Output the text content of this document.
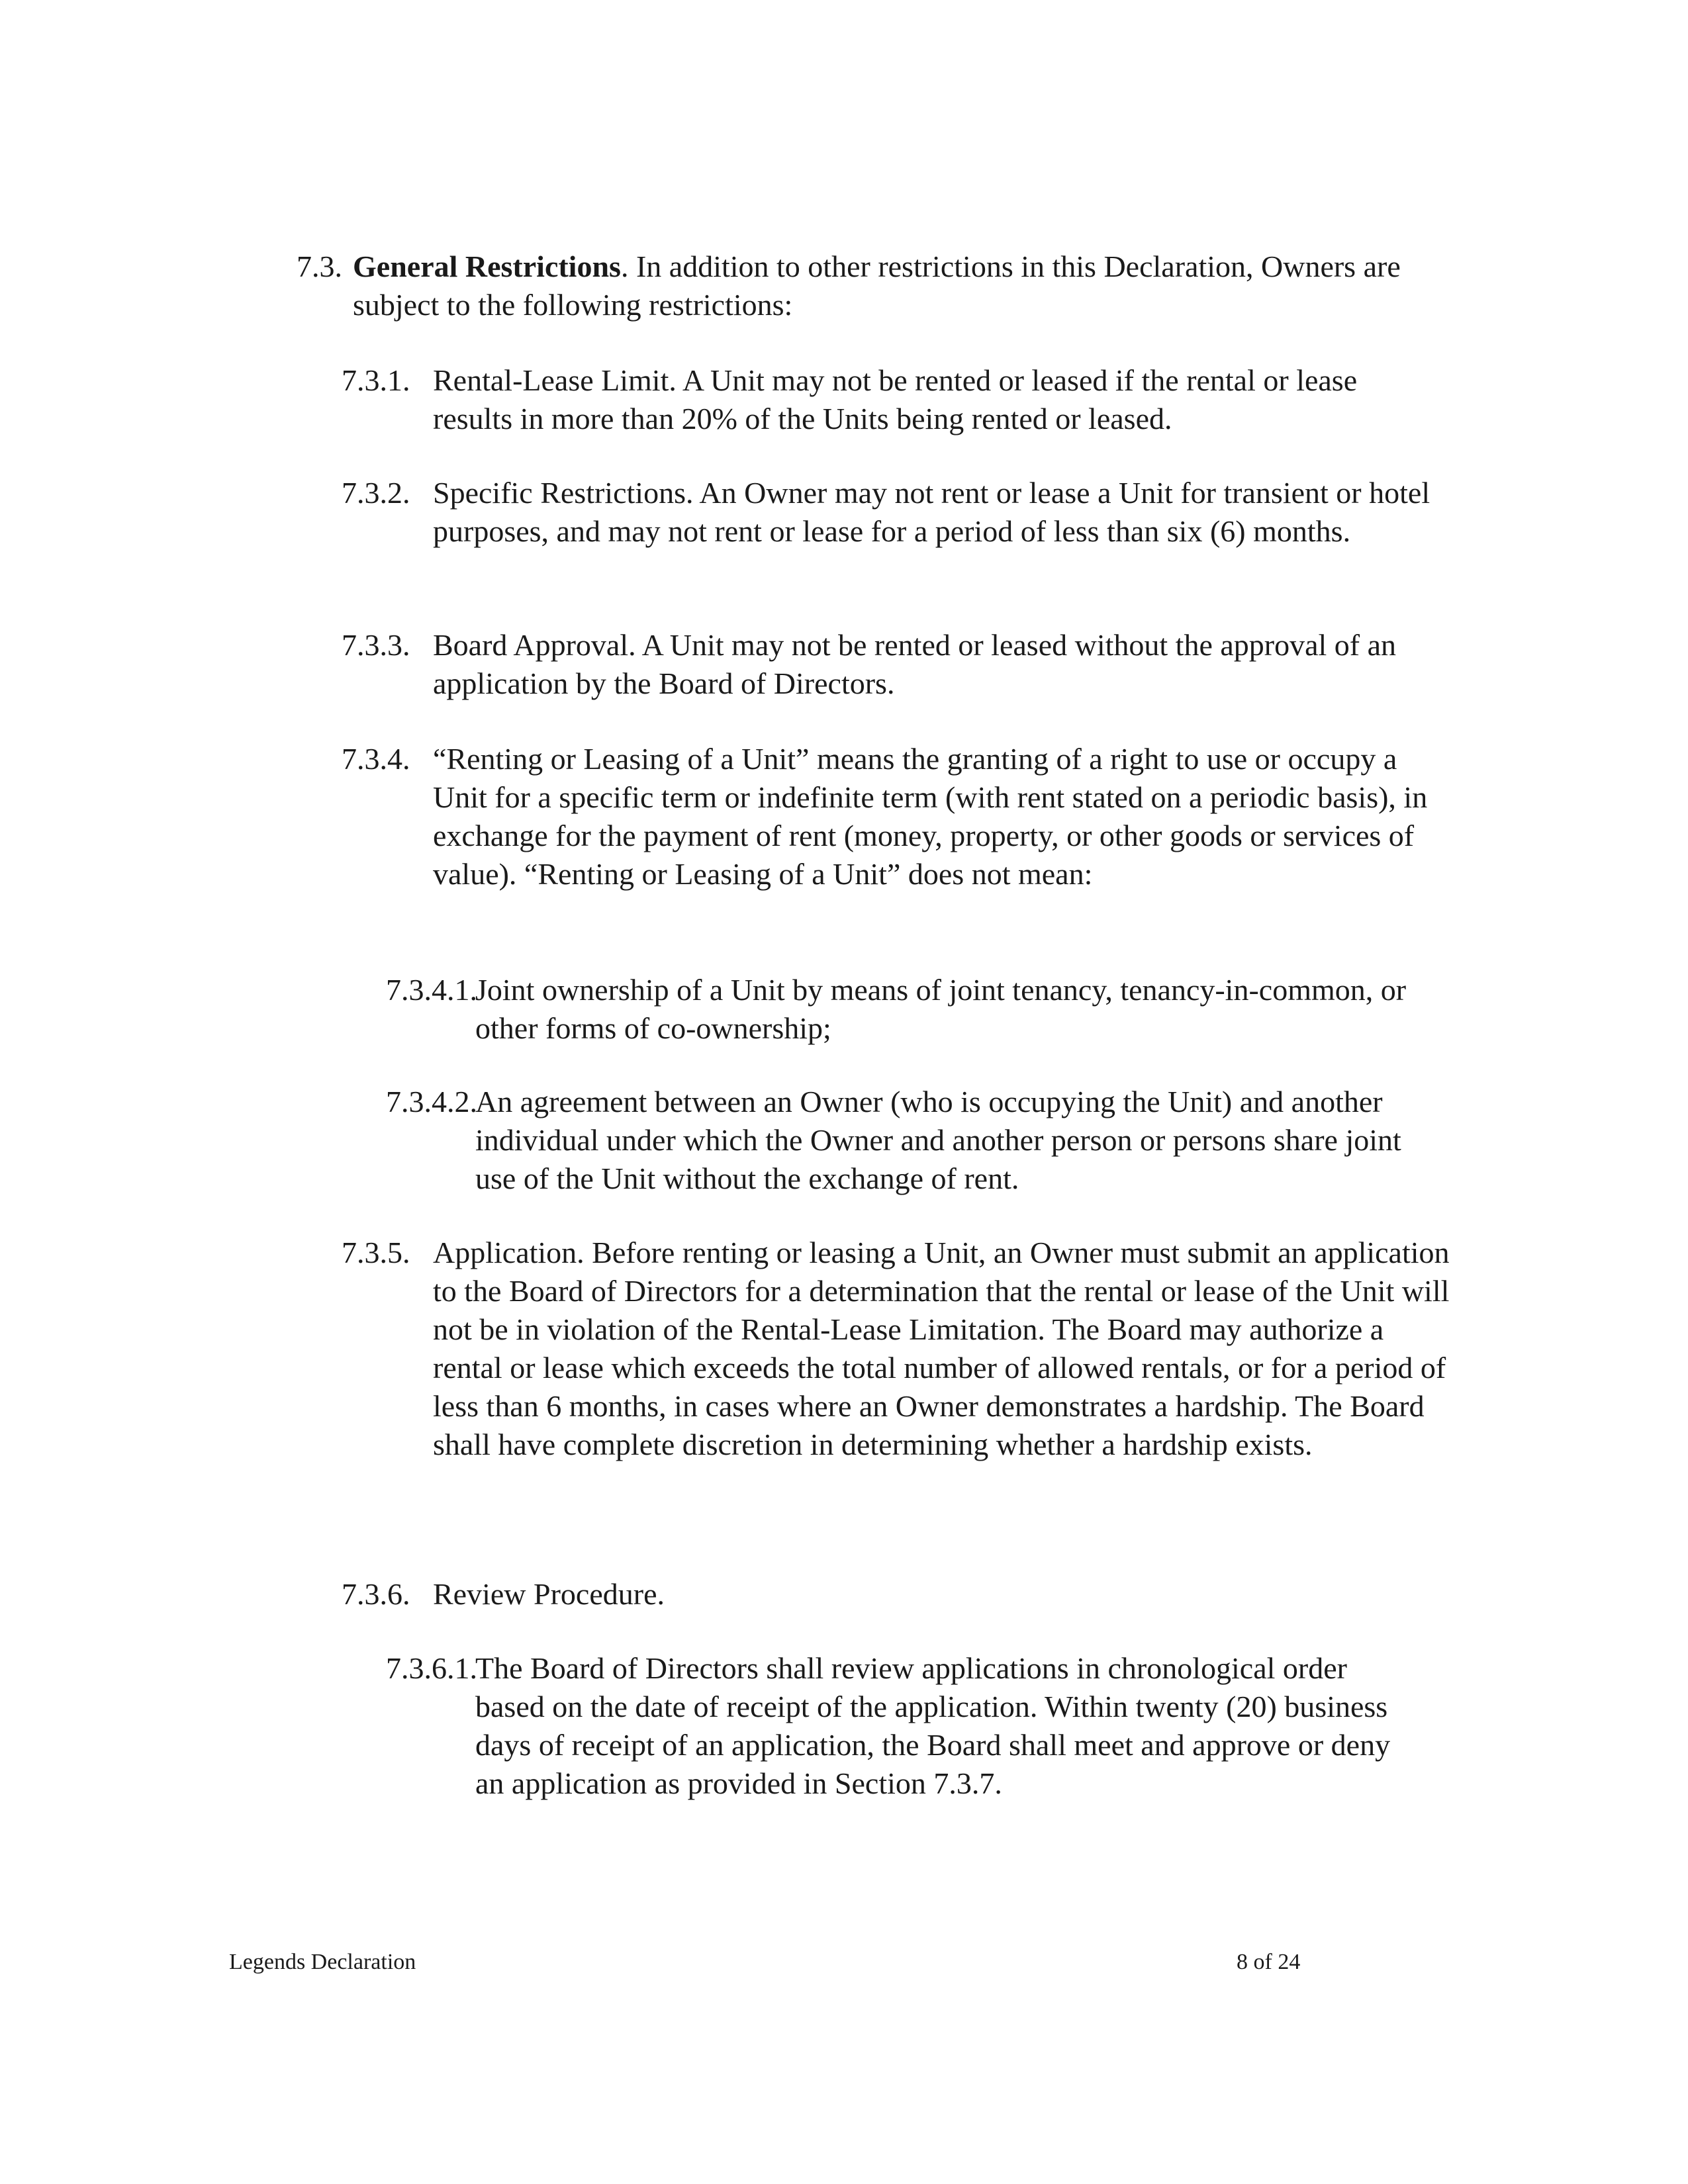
7.3. General Restrictions. In addition to other restrictions in this Declaration, Owners are subject to the following restrictions:
7.3.1. Rental-Lease Limit. A Unit may not be rented or leased if the rental or lease results in more than 20% of the Units being rented or leased.
7.3.2. Specific Restrictions. An Owner may not rent or lease a Unit for transient or hotel purposes, and may not rent or lease for a period of less than six (6) months.
7.3.3. Board Approval. A Unit may not be rented or leased without the approval of an application by the Board of Directors.
7.3.4. “Renting or Leasing of a Unit” means the granting of a right to use or occupy a Unit for a specific term or indefinite term (with rent stated on a periodic basis), in exchange for the payment of rent (money, property, or other goods or services of value). “Renting or Leasing of a Unit” does not mean:
7.3.4.1.
Joint ownership of a Unit by means of joint tenancy, tenancy-in-common, or other forms of co-ownership;
7.3.4.2.
An agreement between an Owner (who is occupying the Unit) and another individual under which the Owner and another person or persons share joint use of the Unit without the exchange of rent.
7.3.5. Application. Before renting or leasing a Unit, an Owner must submit an application to the Board of Directors for a determination that the rental or lease of the Unit will not be in violation of the Rental-Lease Limitation. The Board may authorize a rental or lease which exceeds the total number of allowed rentals, or for a period of less than 6 months, in cases where an Owner demonstrates a hardship. The Board shall have complete discretion in determining whether a hardship exists.
7.3.6. Review Procedure.
7.3.6.1.
The Board of Directors shall review applications in chronological order based on the date of receipt of the application. Within twenty (20) business days of receipt of an application, the Board shall meet and approve or deny an application as provided in Section 7.3.7.
Legends Declaration	8 of 24
